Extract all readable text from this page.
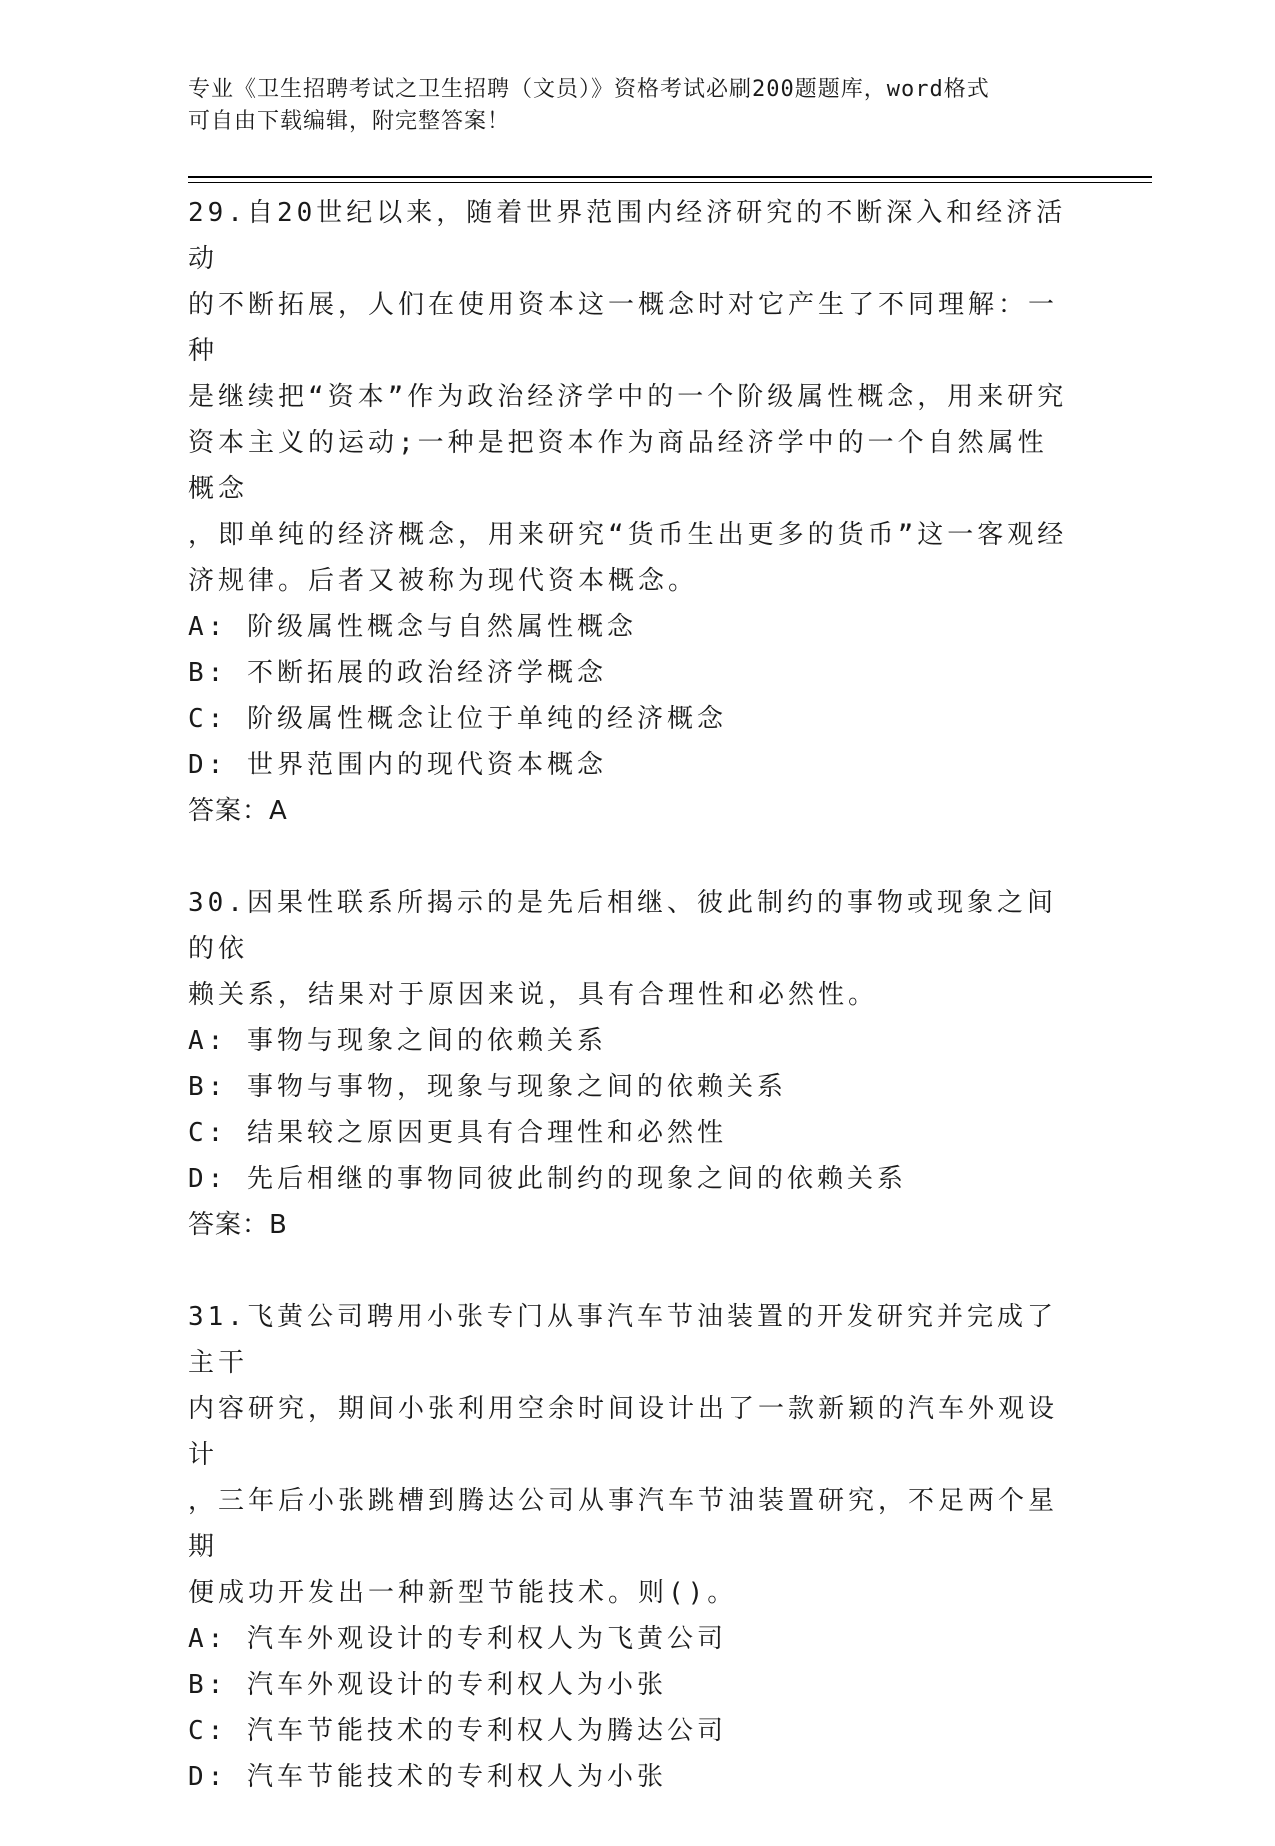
专业《卫生招聘考试之卫生招聘（文员）》资格考试必刷200题题库，word格式
可自由下载编辑，附完整答案！

29.自20世纪以来，随着世界范围内经济研究的不断深入和经济活动
的不断拓展，人们在使用资本这一概念时对它产生了不同理解：一种
是继续把“资本”作为政治经济学中的一个阶级属性概念，用来研究
资本主义的运动;一种是把资本作为商品经济学中的一个自然属性概念
，即单纯的经济概念，用来研究“货币生出更多的货币”这一客观经
济规律。后者又被称为现代资本概念。

A: 阶级属性概念与自然属性概念

B: 不断拓展的政治经济学概念

C: 阶级属性概念让位于单纯的经济概念

D: 世界范围内的现代资本概念

答案：A

30.因果性联系所揭示的是先后相继、彼此制约的事物或现象之间的依
赖关系，结果对于原因来说，具有合理性和必然性。

A: 事物与现象之间的依赖关系

B: 事物与事物，现象与现象之间的依赖关系

C: 结果较之原因更具有合理性和必然性

D: 先后相继的事物同彼此制约的现象之间的依赖关系

答案：B

31.飞黄公司聘用小张专门从事汽车节油装置的开发研究并完成了主干
内容研究，期间小张利用空余时间设计出了一款新颖的汽车外观设计
，三年后小张跳槽到腾达公司从事汽车节油装置研究，不足两个星期
便成功开发出一种新型节能技术。则()。

A: 汽车外观设计的专利权人为飞黄公司

B: 汽车外观设计的专利权人为小张

C: 汽车节能技术的专利权人为腾达公司

D: 汽车节能技术的专利权人为小张
